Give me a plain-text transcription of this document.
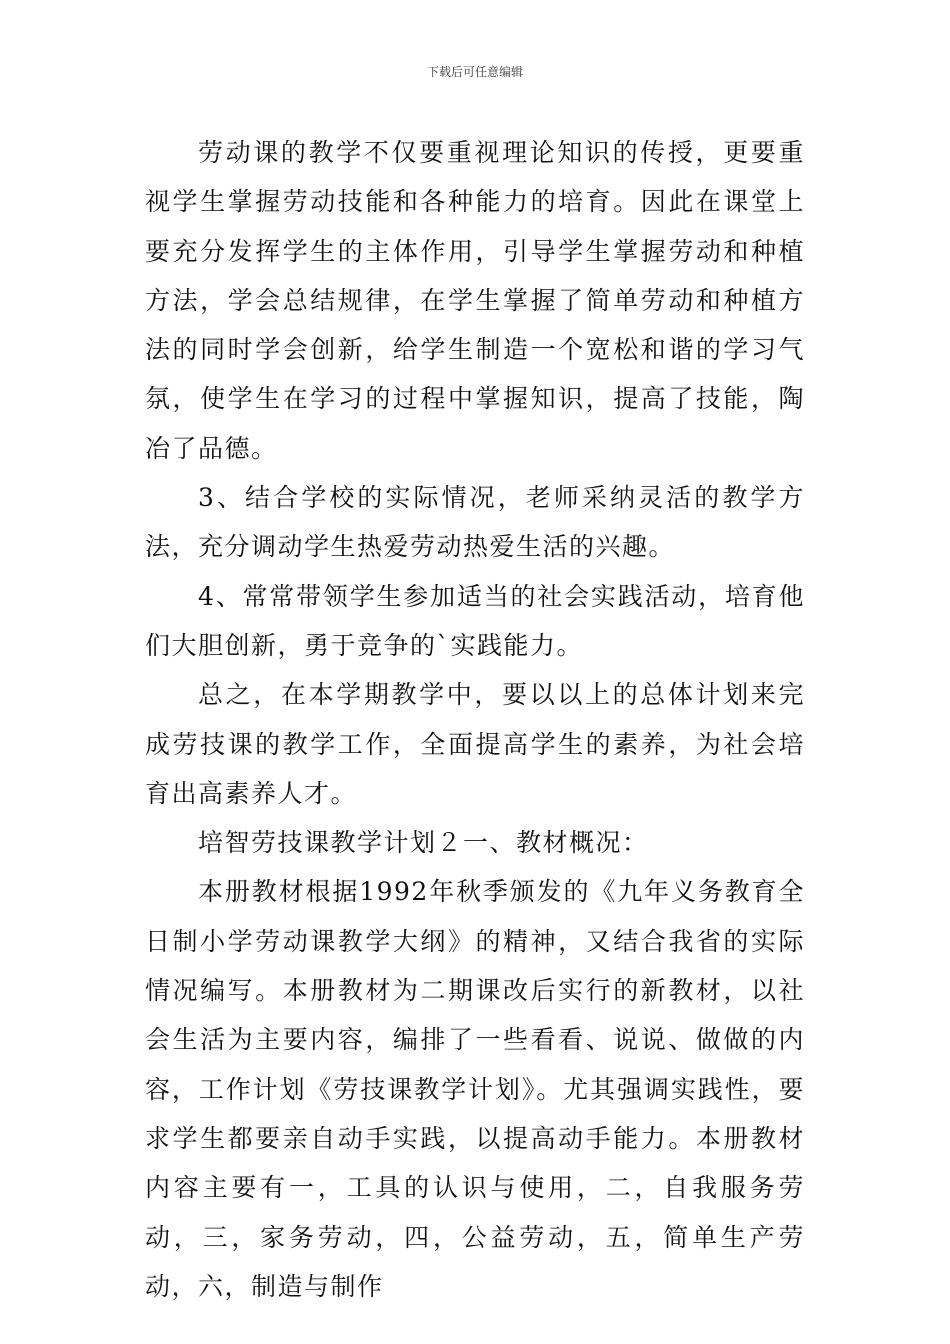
下载后可任意编辑

劳动课的教学不仅要重视理论知识的传授，更要重视学生掌握劳动技能和各种能力的培育。因此在课堂上要充分发挥学生的主体作用，引导学生掌握劳动和种植方法，学会总结规律，在学生掌握了简单劳动和种植方法的同时学会创新，给学生制造一个宽松和谐的学习气氛，使学生在学习的过程中掌握知识，提高了技能，陶冶了品德。

3、结合学校的实际情况，老师采纳灵活的教学方法，充分调动学生热爱劳动热爱生活的兴趣。

4、常常带领学生参加适当的社会实践活动，培育他们大胆创新，勇于竞争的`实践能力。

总之，在本学期教学中，要以以上的总体计划来完成劳技课的教学工作，全面提高学生的素养，为社会培育出高素养人才。

培智劳技课教学计划２一、教材概况：

本册教材根据1992年秋季颁发的《九年义务教育全日制小学劳动课教学大纲》的精神，又结合我省的实际情况编写。本册教材为二期课改后实行的新教材，以社会生活为主要内容，编排了一些看看、说说、做做的内容，工作计划《劳技课教学计划》。尤其强调实践性，要求学生都要亲自动手实践，以提高动手能力。本册教材内容主要有一，工具的认识与使用，二，自我服务劳动，三，家务劳动，四，公益劳动，五，简单生产劳动，六，制造与制作
